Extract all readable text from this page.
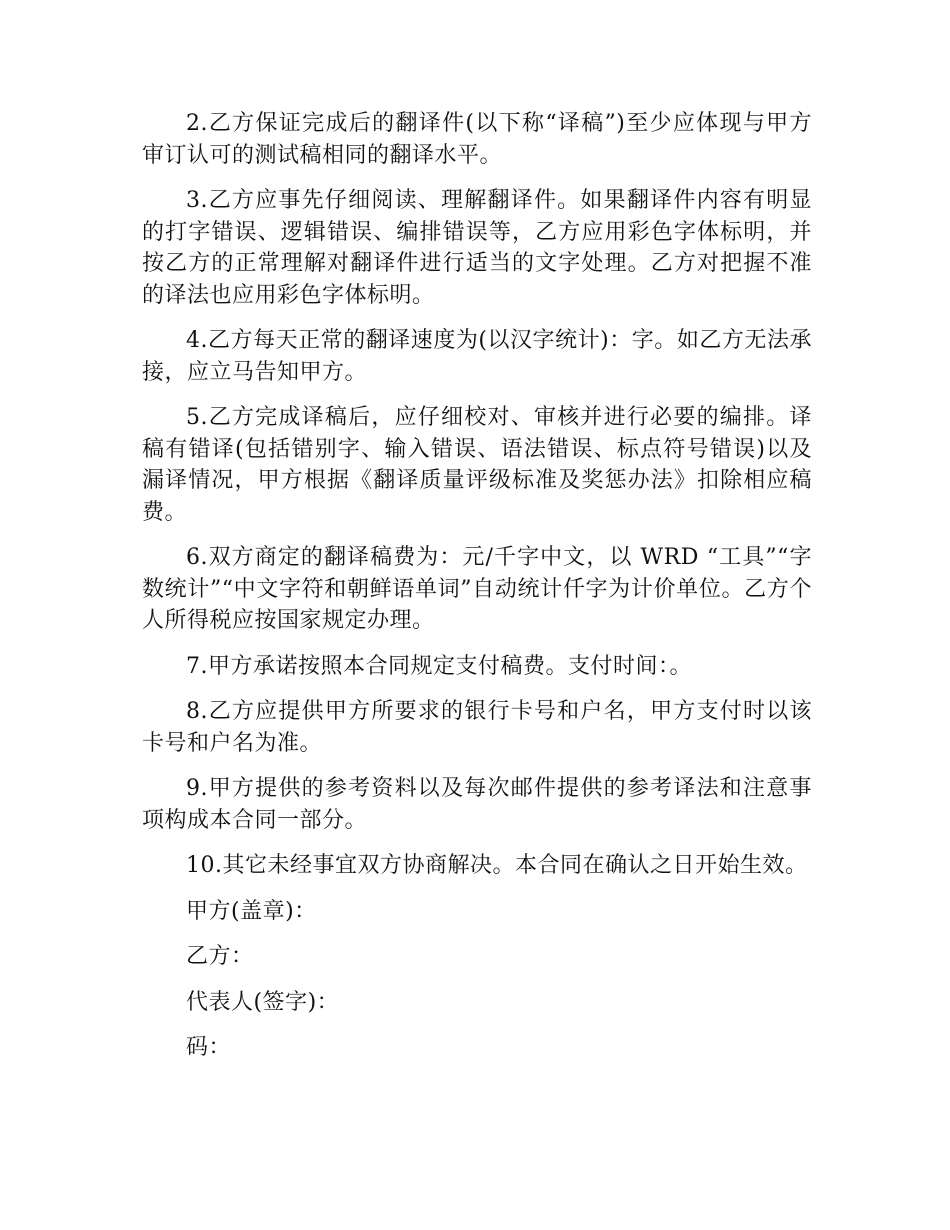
2.乙方保证完成后的翻译件(以下称“译稿”)至少应体现与甲方审订认可的测试稿相同的翻译水平。

3.乙方应事先仔细阅读、理解翻译件。如果翻译件内容有明显的打字错误、逻辑错误、编排错误等，乙方应用彩色字体标明，并按乙方的正常理解对翻译件进行适当的文字处理。乙方对把握不准的译法也应用彩色字体标明。

4.乙方每天正常的翻译速度为(以汉字统计)：字。如乙方无法承接，应立马告知甲方。

5.乙方完成译稿后，应仔细校对、审核并进行必要的编排。译稿有错译(包括错别字、输入错误、语法错误、标点符号错误)以及漏译情况，甲方根据《翻译质量评级标准及奖惩办法》扣除相应稿费。

6.双方商定的翻译稿费为：元/千字中文，以 WRD “工具”“字数统计”“中文字符和朝鲜语单词”自动统计仟字为计价单位。乙方个人所得税应按国家规定办理。

7.甲方承诺按照本合同规定支付稿费。支付时间：。

8.乙方应提供甲方所要求的银行卡号和户名，甲方支付时以该卡号和户名为准。

9.甲方提供的参考资料以及每次邮件提供的参考译法和注意事项构成本合同一部分。

10.其它未经事宜双方协商解决。本合同在确认之日开始生效。

甲方(盖章)：

乙方：

代表人(签字)：

码：
